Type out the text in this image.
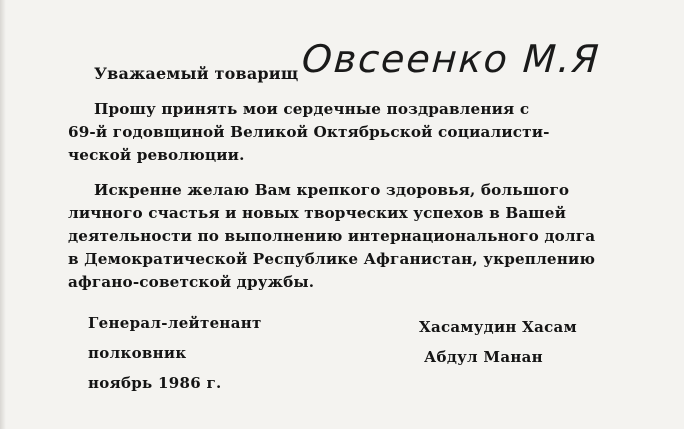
Уважаемый товарищ Овсеенко М.Я
Прошу принять мои сердечные поздравления с
69-й годовщиной Великой Октябрьской социалисти-
ческой революции.
Искренне желаю Вам крепкого здоровья, большого
личного счастья и новых творческих успехов в Вашей
деятельности по выполнению интернационального долга
в Демократической Республике Афганистан, укреплению
афгано-советской дружбы.
Генерал-лейтенант	Хасамудин Хасам
полковник	Абдул Манан
ноябрь 1986 г.
